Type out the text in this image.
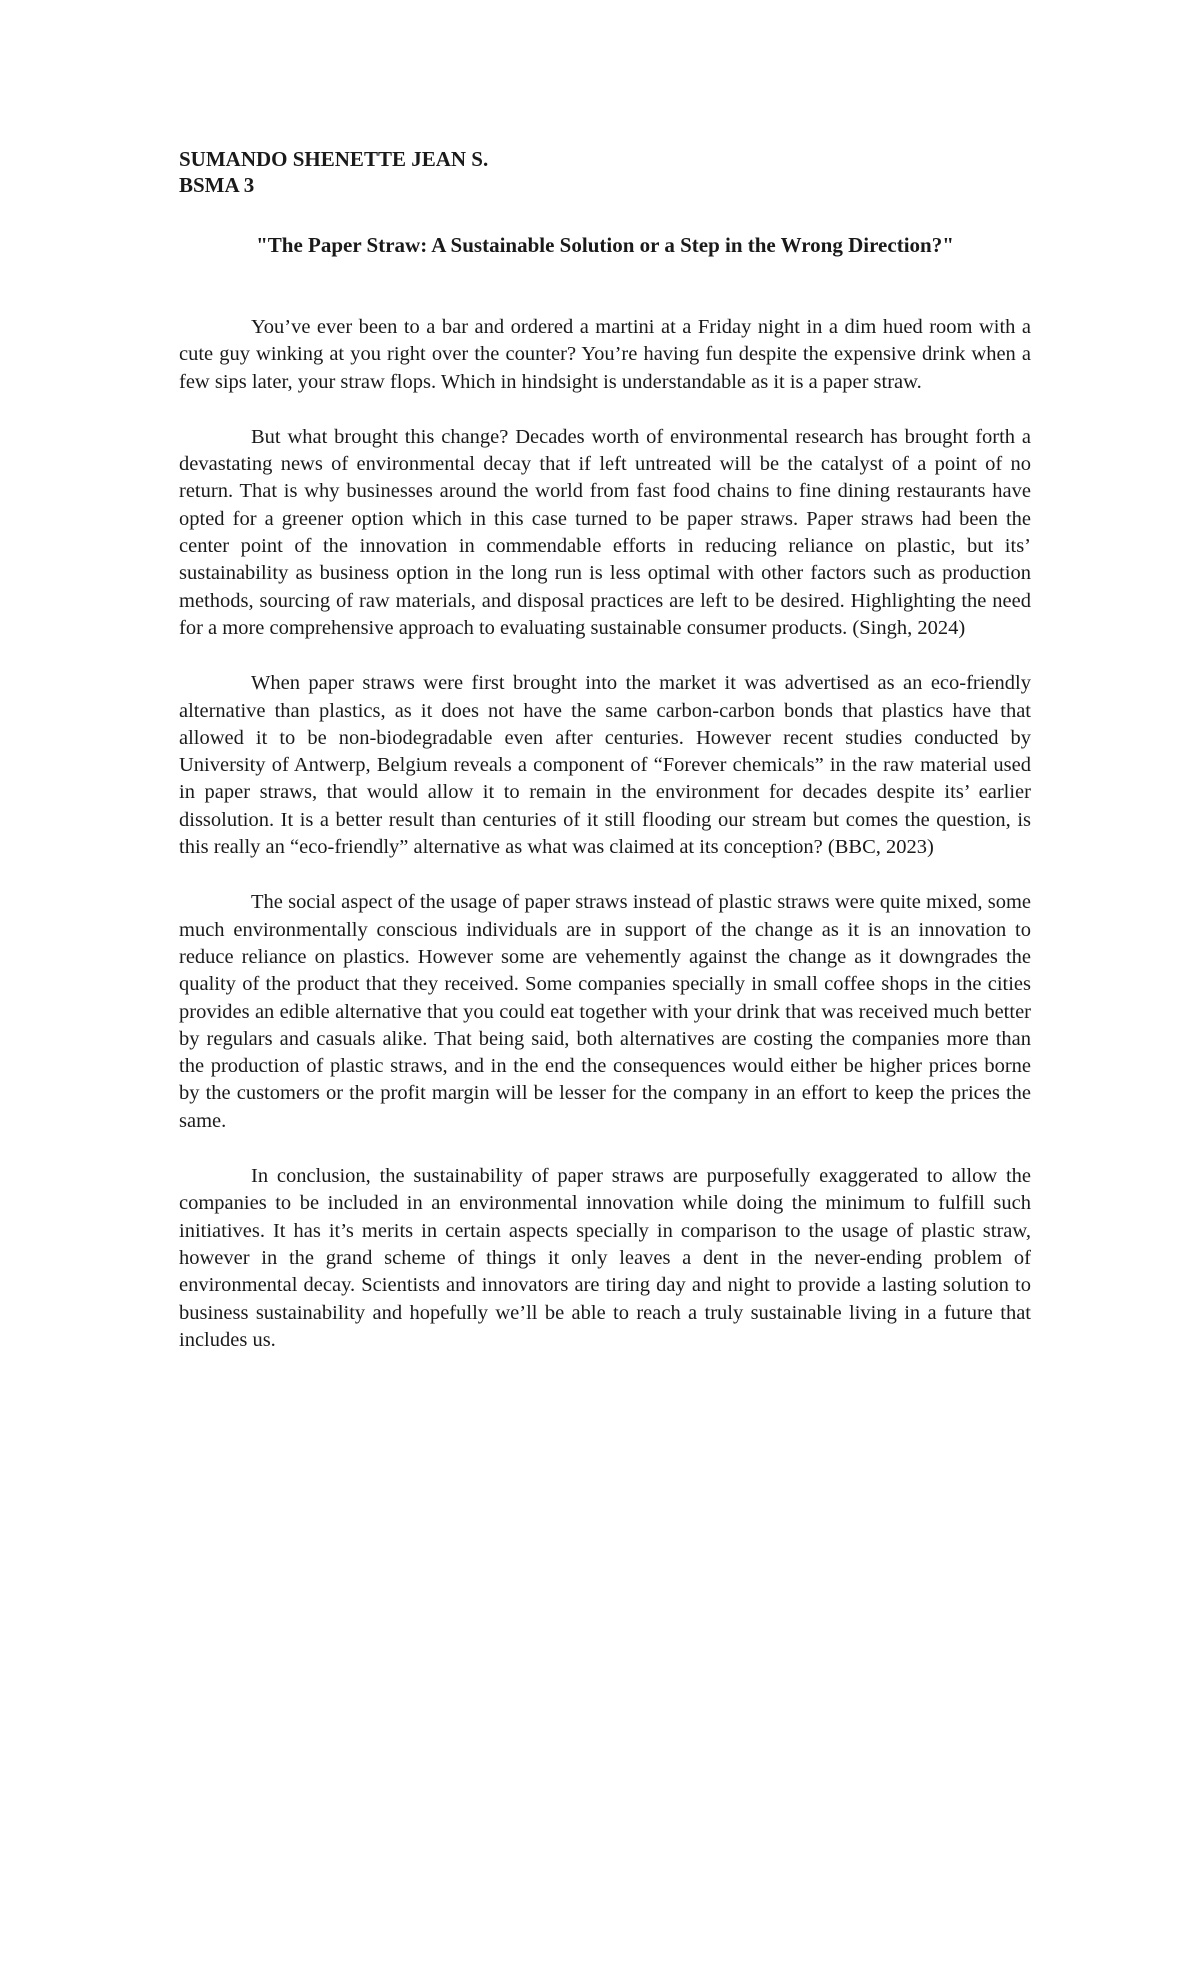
SUMANDO SHENETTE JEAN S.
BSMA 3
"The Paper Straw: A Sustainable Solution or a Step in the Wrong Direction?"

You’ve ever been to a bar and ordered a martini at a Friday night in a dim hued room with a cute guy winking at you right over the counter? You’re having fun despite the expensive drink when a few sips later, your straw flops. Which in hindsight is understandable as it is a paper straw.

But what brought this change? Decades worth of environmental research has brought forth a devastating news of environmental decay that if left untreated will be the catalyst of a point of no return. That is why businesses around the world from fast food chains to fine dining restaurants have opted for a greener option which in this case turned to be paper straws. Paper straws had been the center point of the innovation in commendable efforts in reducing reliance on plastic, but its’ sustainability as business option in the long run is less optimal with other factors such as production methods, sourcing of raw materials, and disposal practices are left to be desired. Highlighting the need for a more comprehensive approach to evaluating sustainable consumer products. (Singh, 2024)

When paper straws were first brought into the market it was advertised as an eco-friendly alternative than plastics, as it does not have the same carbon-carbon bonds that plastics have that allowed it to be non-biodegradable even after centuries. However recent studies conducted by University of Antwerp, Belgium reveals a component of “Forever chemicals” in the raw material used in paper straws, that would allow it to remain in the environment for decades despite its’ earlier dissolution. It is a better result than centuries of it still flooding our stream but comes the question, is this really an “eco-friendly” alternative as what was claimed at its conception? (BBC, 2023)

The social aspect of the usage of paper straws instead of plastic straws were quite mixed, some much environmentally conscious individuals are in support of the change as it is an innovation to reduce reliance on plastics. However some are vehemently against the change as it downgrades the quality of the product that they received. Some companies specially in small coffee shops in the cities provides an edible alternative that you could eat together with your drink that was received much better by regulars and casuals alike. That being said, both alternatives are costing the companies more than the production of plastic straws, and in the end the consequences would either be higher prices borne by the customers or the profit margin will be lesser for the company in an effort to keep the prices the same.

In conclusion, the sustainability of paper straws are purposefully exaggerated to allow the companies to be included in an environmental innovation while doing the minimum to fulfill such initiatives. It has it’s merits in certain aspects specially in comparison to the usage of plastic straw, however in the grand scheme of things it only leaves a dent in the never-ending problem of environmental decay. Scientists and innovators are tiring day and night to provide a lasting solution to business sustainability and hopefully we’ll be able to reach a truly sustainable living in a future that includes us.
